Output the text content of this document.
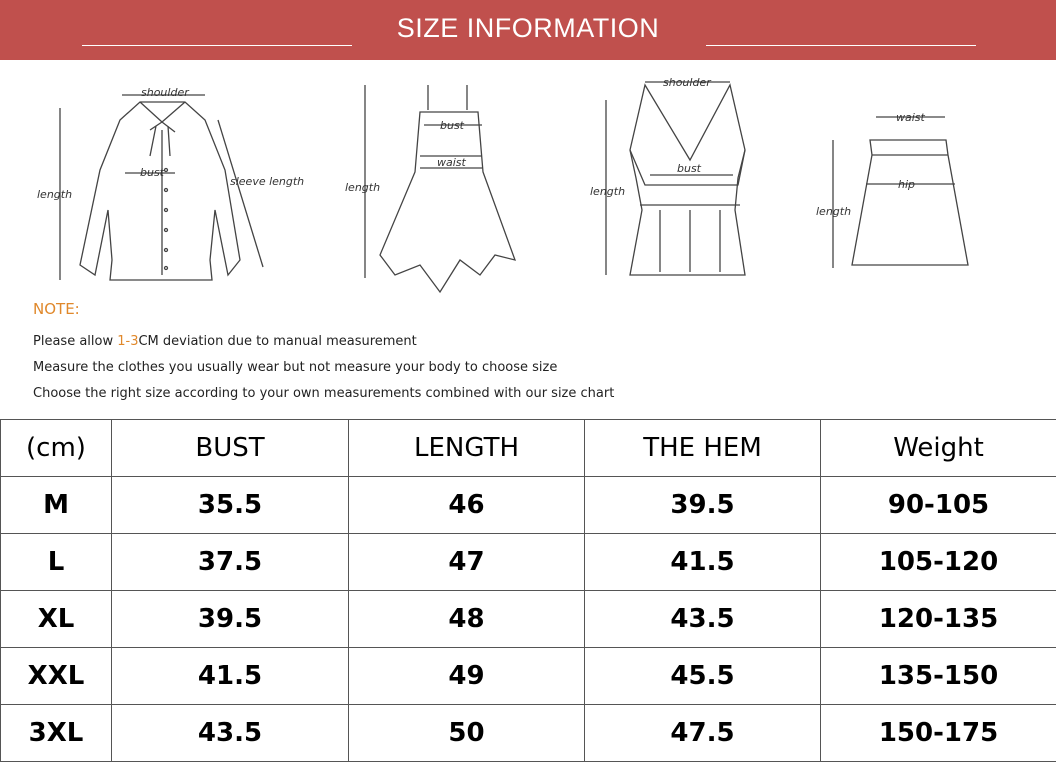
SIZE INFORMATION
shoulder
bust
length
sleeve length
bust
waist
length
shoulder
bust
length
waist
hip
length
NOTE:
Please allow 1-3CM deviation due to manual measurement
Measure the clothes you usually wear but not measure your body to choose size
Choose the right size according to your own measurements combined with our size chart
(cm)	BUST	LENGTH	THE HEM	Weight
M	35.5	46	39.5	90-105
L	37.5	47	41.5	105-120
XL	39.5	48	43.5	120-135
XXL	41.5	49	45.5	135-150
3XL	43.5	50	47.5	150-175
